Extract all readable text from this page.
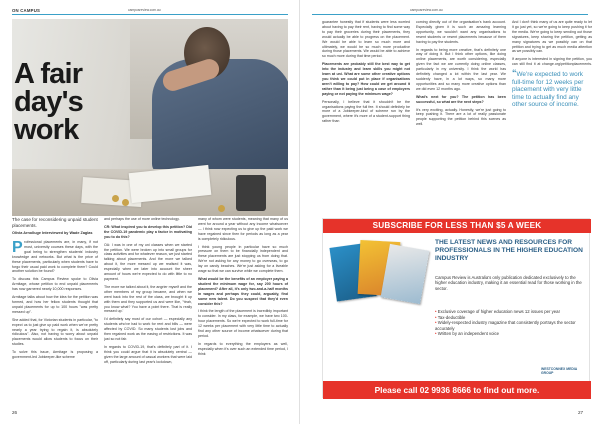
ON CAMPUS	campusreview.com.au
A fair day's work
The case for reconsidering unpaid student placements.
Olivia Arnolluge Interviewed by Wade Zaglas

Professional placements are, in many, if not most, university courses these days, with the goal being to strengthen students' industry knowledge and networks. But what is the price of these placements, particularly when students have to forgo their usual paid work to complete them? Could another solution be found?

To discuss this Campus Review spoke to Olivia Armitage, whose petition to end unpaid placements has now garnered nearly 10,000 responses.

Armitage talks about how the idea for the petition was formed, and how her fellow students thought that unpaid placements for up to 100 hours "was pretty messed up".

She added that, for Victorian students in particular, "to expect us to just give up paid work when we've pretty nearly a year trying to regain it, is absolutely ridiculous". Also, not having to worry about unpaid placements would allow students to focus on their studies.

To solve this issue, Armitage is proposing a government-led Jobkeeper-like scheme

and perhaps the use of more online technology.

CR: What inspired you to develop this petition? Did the COVID-19 pandemic play a factor in motivating you to do this?

OA: I was in one of my uni classes when we started the petition. We were broken up into small groups for class activities and for whatever reason, we just started talking about placements. And the more we talked about it, the more messed up we realised it was, especially when we later into account the sheer amount of hours we're expected to do with little to no payment.

The more we talked about it, the angrier myself and the other members of my group became, and when we went back into the rest of the class, we brought it up with them and they supported us and were like, 'Yeah, you know what? You have a point there. That is really messed up.'

I'd definitely say most of our cohort — especially any students who've had to work for rent and bills — were affected by COVID. So many students lost jobs and then regained work as the easing of restrictions. It was just so not fair.

In regards to COVID-19, that's definitely part of it. I think you could argue that it is absolutely central — given the large amount of casual workers that were laid off, particularly during last year's lockdown,

many of whom were students, meaning that many of us went for around a year without any income whatsoever — I think now expecting us to give up the paid work we have regained since then for periods as long as a year is completely ridiculous.

I think young people in particular have so much pressure on them to be financially independent and these placements are just stopping us from doing that. We're not asking for any money to go overseas, to go lay on candy beaches. We're just asking for a liveable wage so that we can survive while we complete them.

What would be the benefits of an employer paying a student the minimum wage for, say 200 hours of placement? After all, it's only two-and-a-half months in wages and perhaps they could, arguably, find some new talent. Do you suspect that they'd even consider this?

I think the length of the placement is incredibly important to consider. In my class, for example, we have two 100-hour placements. So we're expected to work full-time for 12 weeks per placement with very little time to actually find any other source of income whatsoever during that period.

In regards to everything the employers as well, especially when it's over such an extended time period, I think

26
campusreview.com.au

guarantee honestly that if students were less worried about having to pay their rent, having to find some way to pay their groceries during their placements, they would actually be able to progress on the placement. We would be able to learn so much more and ultimately, we would be so much more productive during those placements. We would be able to achieve so much more during that time period.

Placements are probably still the best way to get into the industry and learn skills you might not learn at uni. What are some other creative options you think we could put in place if organisations aren't willing to pay? How could we get around it rather than it being just being a case of employers paying or not paying the minimum wage?

Personally, I believe that it shouldn't be the organisations paying the full fee. It should definitely be more of a Jobkeeper-kind of scheme run by the government, where it's more of a student-support thing rather than

coming directly out of the organisation's bank account. Especially given it is such an amazing learning opportunity, we wouldn't want any organisations to resent students or resent placements because of them having to pay the students.

In regards to being more creative, that's definitely one way of doing it. But I think other options, like doing online placements, are worth considering, especially given the fact we are currently doing online classes, particularly in my university. I think the world has definitely changed a lot within the last year. We suddenly have, in a lot ways, so many more opportunities and so many more creative options than we did even 12 months ago.

What's next for you? The petition has been successful, so what are the next steps?

It's very exciting, actually. Honestly, we're just going to keep pushing it. There are a lot of really passionate people supporting the petition behind this scenes as well.

And I don't think many of us are quite ready to let it go just yet, so we're going to keep pushing it for the media. We're going to keep sending out those signatures, keep sharing the petition, getting as many signatures as we possibly can on that petition and trying to get as much media attention as we possibly can.

If anyone is interested in signing the petition, you can still find it at change.org/petitionplacements.

“We're expected to work full-time for 12 weeks per placement with very little time to actually find any other source of income.
27
SUBSCRIBE FOR LESS THAN $5 A WEEK
THE LATEST NEWS AND RESOURCES FOR PROFESSIONALS IN THE HIGHER EDUCATION INDUSTRY
Campus Review is Australia's only publication dedicated exclusively to the higher education industry, making it an essential read for those working in the sector.
• Exclusive coverage of higher education news 12 issues per year
• Tax-deductible
• Widely-respected industry magazine that consistently portrays the sector accurately
• Written by an independent voice
WESTCONNEX MEDIA GROUP
Please call 02 9936 8666 to find out more.
